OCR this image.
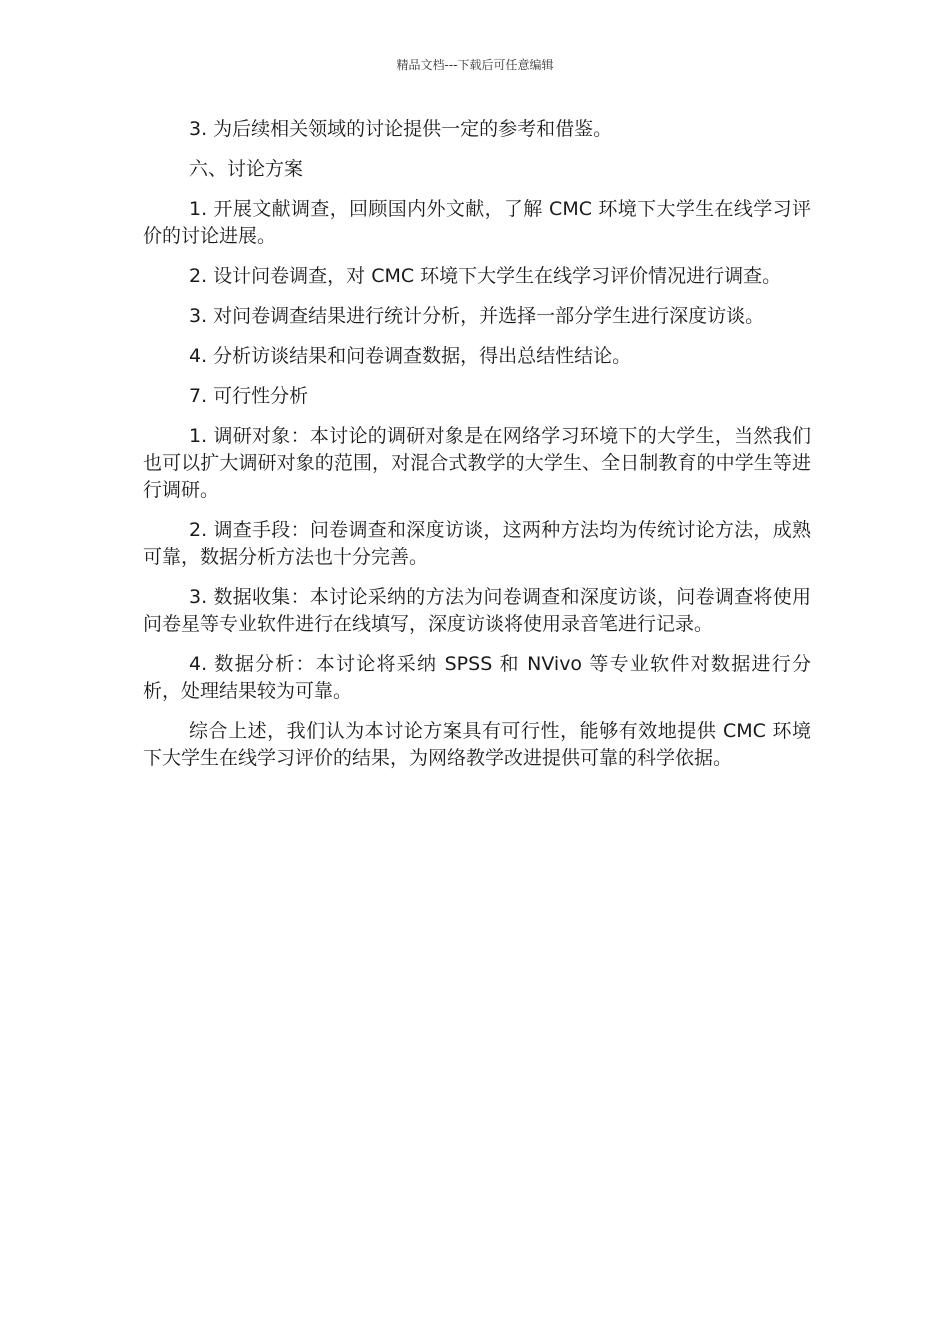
精品文档---下载后可任意编辑

3. 为后续相关领域的讨论提供一定的参考和借鉴。

六、讨论方案

1. 开展文献调查，回顾国内外文献，了解 CMC 环境下大学生在线学习评价的讨论进展。

2. 设计问卷调查，对 CMC 环境下大学生在线学习评价情况进行调查。

3. 对问卷调查结果进行统计分析，并选择一部分学生进行深度访谈。

4. 分析访谈结果和问卷调查数据，得出总结性结论。

7. 可行性分析

1. 调研对象：本讨论的调研对象是在网络学习环境下的大学生，当然我们也可以扩大调研对象的范围，对混合式教学的大学生、全日制教育的中学生等进行调研。

2. 调查手段：问卷调查和深度访谈，这两种方法均为传统讨论方法，成熟可靠，数据分析方法也十分完善。

3. 数据收集：本讨论采纳的方法为问卷调查和深度访谈，问卷调查将使用问卷星等专业软件进行在线填写，深度访谈将使用录音笔进行记录。

4. 数据分析：本讨论将采纳 SPSS 和 NVivo 等专业软件对数据进行分析，处理结果较为可靠。

综合上述，我们认为本讨论方案具有可行性，能够有效地提供 CMC 环境下大学生在线学习评价的结果，为网络教学改进提供可靠的科学依据。
